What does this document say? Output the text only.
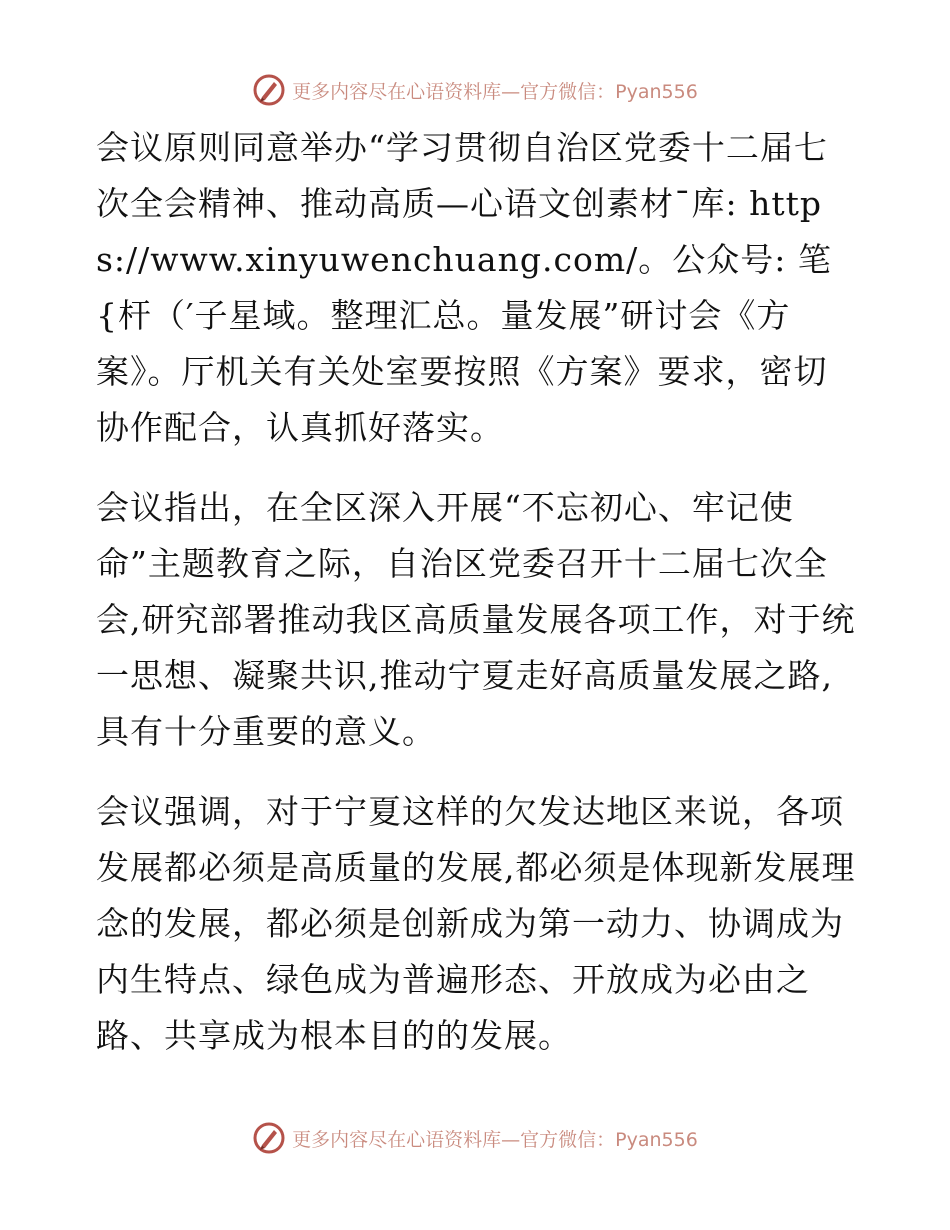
更多内容尽在心语资料库—官方微信：Pyan556

会议原则同意举办“学习贯彻自治区党委十二届七次全会精神、推动高质—心语文创素材¯库: https://www.xinyuwenchuang.com/。公众号: 笔{杆（′子星域。整理汇总。量发展”研讨会《方案》。厅机关有关处室要按照《方案》要求，密切协作配合，认真抓好落实。

会议指出，在全区深入开展“不忘初心、牢记使命”主题教育之际，自治区党委召开十二届七次全会,研究部署推动我区高质量发展各项工作，对于统一思想、凝聚共识,推动宁夏走好高质量发展之路,具有十分重要的意义。

会议强调，对于宁夏这样的欠发达地区来说，各项发展都必须是高质量的发展,都必须是体现新发展理念的发展，都必须是创新成为第一动力、协调成为内生特点、绿色成为普遍形态、开放成为必由之路、共享成为根本目的的发展。

更多内容尽在心语资料库—官方微信：Pyan556
